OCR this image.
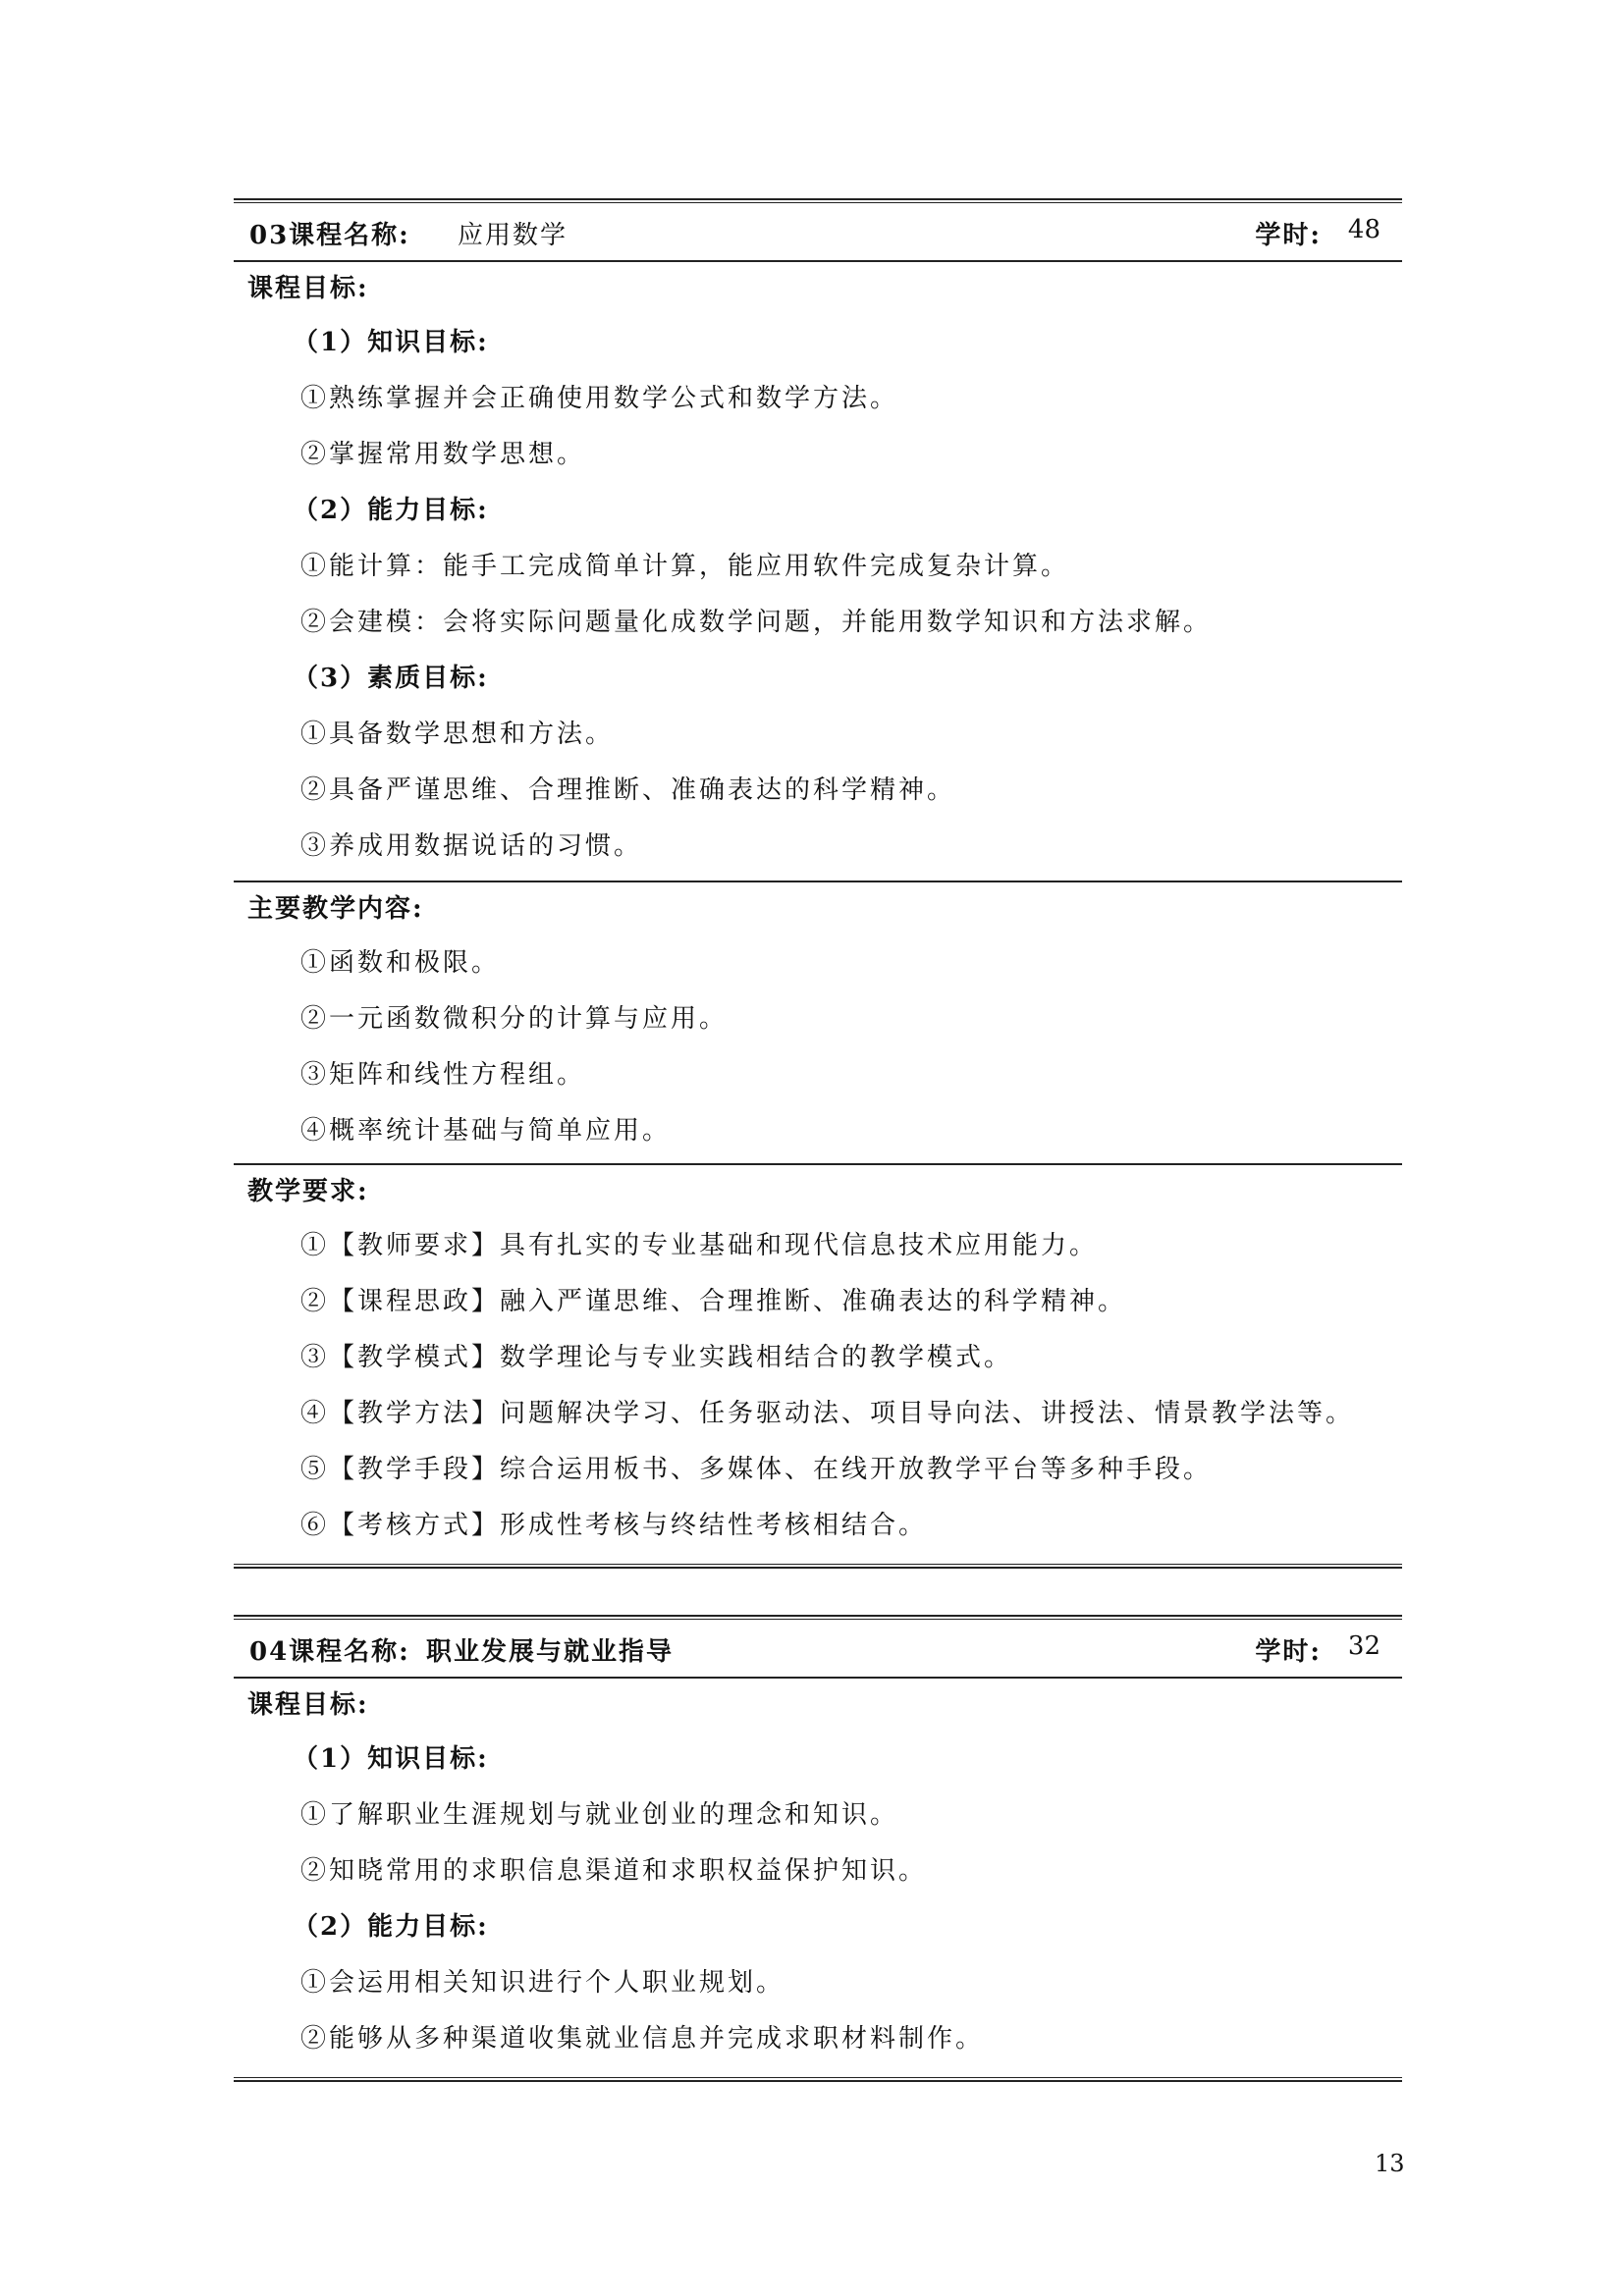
03课程名称: 应用数学	学时: 48
课程目标:
（1）知识目标:
①熟练掌握并会正确使用数学公式和数学方法。
②掌握常用数学思想。
（2）能力目标:
①能计算：能手工完成简单计算，能应用软件完成复杂计算。
②会建模：会将实际问题量化成数学问题，并能用数学知识和方法求解。
（3）素质目标:
①具备数学思想和方法。
②具备严谨思维、合理推断、准确表达的科学精神。
③养成用数据说话的习惯。
主要教学内容:
①函数和极限。
②一元函数微积分的计算与应用。
③矩阵和线性方程组。
④概率统计基础与简单应用。
教学要求:
①【教师要求】具有扎实的专业基础和现代信息技术应用能力。
②【课程思政】融入严谨思维、合理推断、准确表达的科学精神。
③【教学模式】数学理论与专业实践相结合的教学模式。
④【教学方法】问题解决学习、任务驱动法、项目导向法、讲授法、情景教学法等。
⑤【教学手段】综合运用板书、多媒体、在线开放教学平台等多种手段。
⑥【考核方式】形成性考核与终结性考核相结合。
04课程名称: 职业发展与就业指导	学时: 32
课程目标:
（1）知识目标:
①了解职业生涯规划与就业创业的理念和知识。
②知晓常用的求职信息渠道和求职权益保护知识。
（2）能力目标:
①会运用相关知识进行个人职业规划。
②能够从多种渠道收集就业信息并完成求职材料制作。
13
